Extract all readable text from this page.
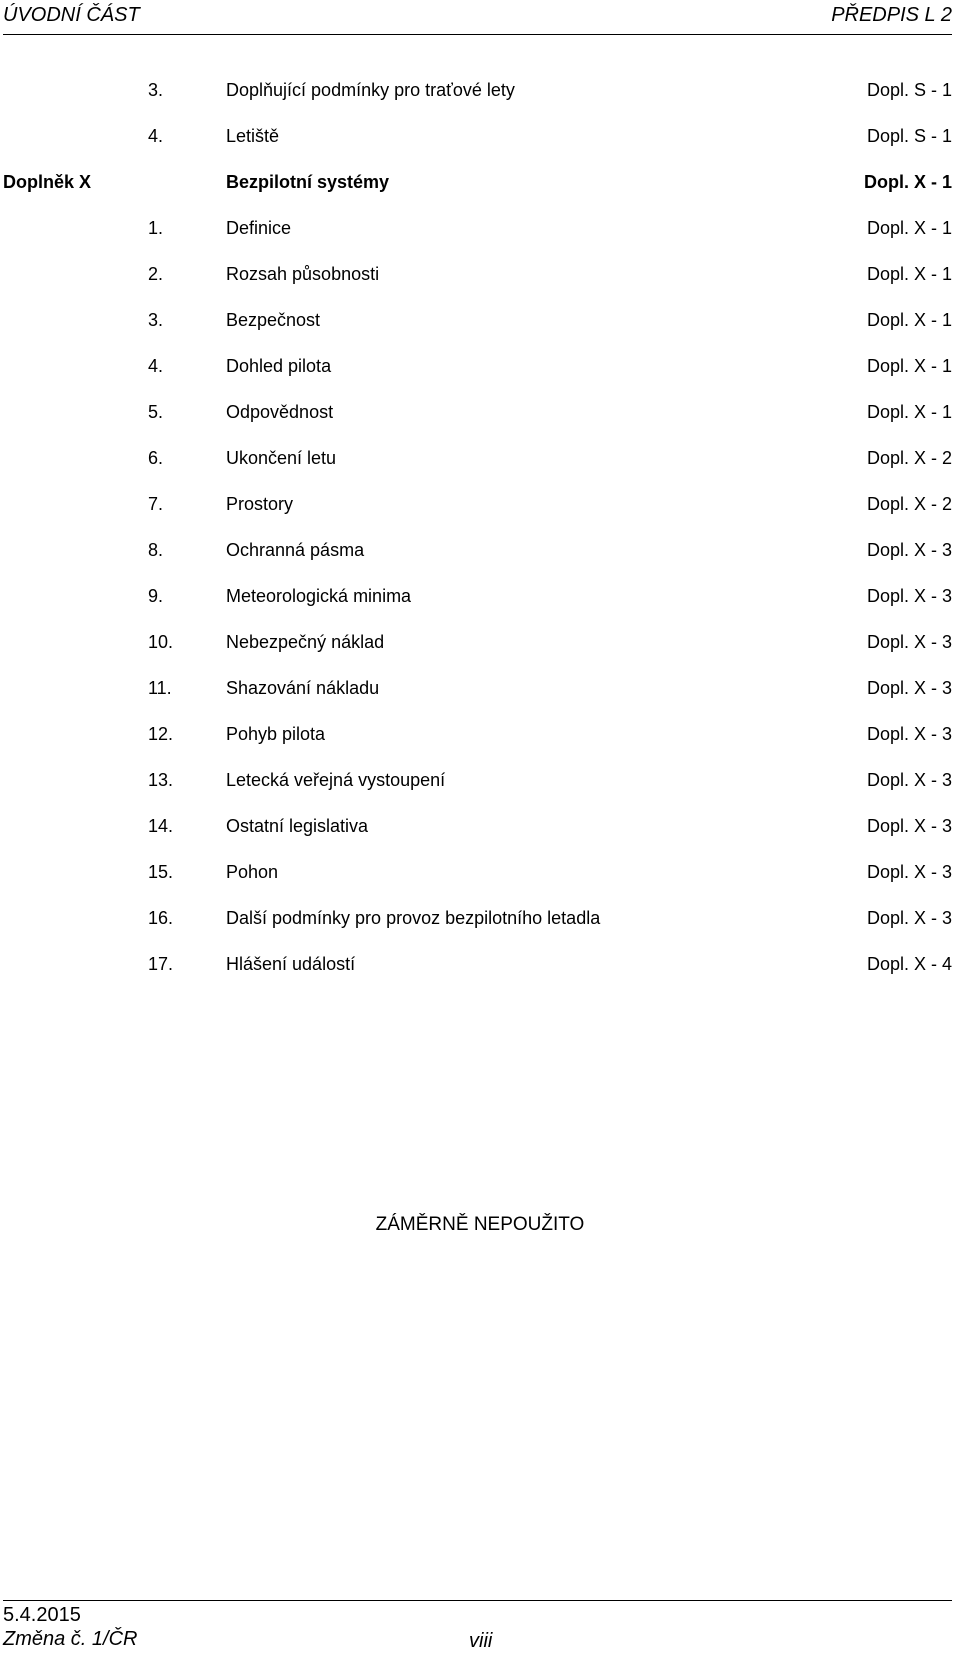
ÚVODNÍ ČÁST	PŘEDPIS L 2
3.	Doplňující podmínky pro traťové lety	Dopl. S - 1
4.	Letiště	Dopl. S - 1
Doplněk X	Bezpilotní systémy	Dopl. X - 1
1.	Definice	Dopl. X - 1
2.	Rozsah působnosti	Dopl. X - 1
3.	Bezpečnost	Dopl. X - 1
4.	Dohled pilota	Dopl. X - 1
5.	Odpovědnost	Dopl. X - 1
6.	Ukončení letu	Dopl. X - 2
7.	Prostory	Dopl. X - 2
8.	Ochranná pásma	Dopl. X - 3
9.	Meteorologická minima	Dopl. X - 3
10.	Nebezpečný náklad	Dopl. X - 3
11.	Shazování nákladu	Dopl. X - 3
12.	Pohyb pilota	Dopl. X - 3
13.	Letecká veřejná vystoupení	Dopl. X - 3
14.	Ostatní legislativa	Dopl. X - 3
15.	Pohon	Dopl. X - 3
16.	Další podmínky pro provoz bezpilotního letadla	Dopl. X - 3
17.	Hlášení událostí	Dopl. X - 4
ZÁMĚRNĚ NEPOUŽITO
5.4.2015
Změna č. 1/ČR	viii
